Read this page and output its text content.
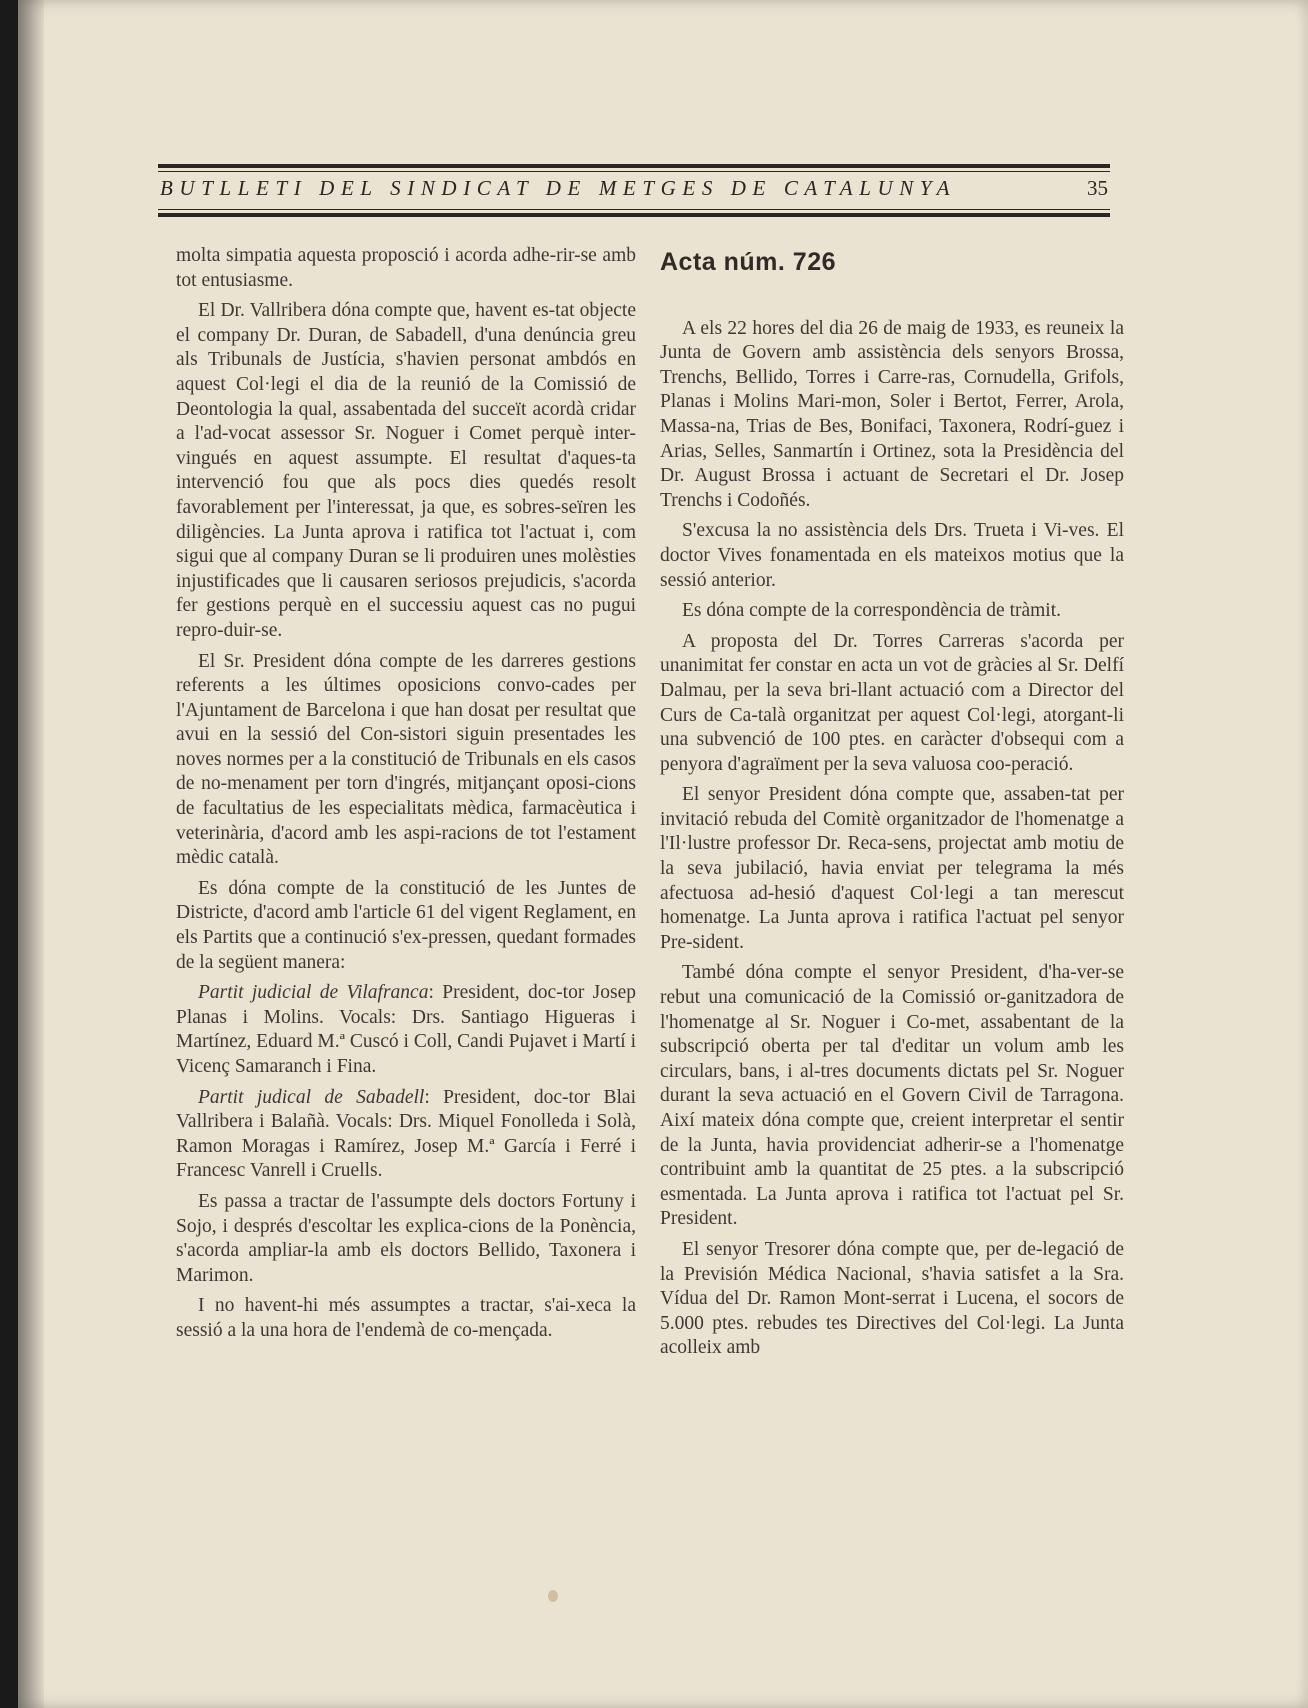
BUTLLETI DEL SINDICAT DE METGES DE CATALUNYA	35

molta simpatia aquesta proposció i acorda adhe-rir-se amb tot entusiasme.

El Dr. Vallribera dóna compte que, havent es-tat objecte el company Dr. Duran, de Sabadell, d'una denúncia greu als Tribunals de Justícia, s'havien personat ambdós en aquest Col·legi el dia de la reunió de la Comissió de Deontologia la qual, assabentada del succeït acordà cridar a l'ad-vocat assessor Sr. Noguer i Comet perquè inter-vingués en aquest assumpte. El resultat d'aques-ta intervenció fou que als pocs dies quedés resolt favorablement per l'interessat, ja que, es sobres-seïren les diligències. La Junta aprova i ratifica tot l'actuat i, com sigui que al company Duran se li produiren unes molèsties injustificades que li causaren seriosos prejudicis, s'acorda fer gestions perquè en el successiu aquest cas no pugui repro-duir-se.

El Sr. President dóna compte de les darreres gestions referents a les últimes oposicions convo-cades per l'Ajuntament de Barcelona i que han dosat per resultat que avui en la sessió del Con-sistori siguin presentades les noves normes per a la constitució de Tribunals en els casos de no-menament per torn d'ingrés, mitjançant oposi-cions de facultatius de les especialitats mèdica, farmacèutica i veterinària, d'acord amb les aspi-racions de tot l'estament mèdic català.

Es dóna compte de la constitució de les Juntes de Districte, d'acord amb l'article 61 del vigent Reglament, en els Partits que a continució s'ex-pressen, quedant formades de la següent manera:

Partit judicial de Vilafranca: President, doc-tor Josep Planas i Molins. Vocals: Drs. Santiago Higueras i Martínez, Eduard M.ª Cuscó i Coll, Candi Pujavet i Martí i Vicenç Samaranch i Fina.

Partit judical de Sabadell: President, doc-tor Blai Vallribera i Balañà. Vocals: Drs. Miquel Fonolleda i Solà, Ramon Moragas i Ramírez, Josep M.ª García i Ferré i Francesc Vanrell i Cruells.

Es passa a tractar de l'assumpte dels doctors Fortuny i Sojo, i després d'escoltar les explica-cions de la Ponència, s'acorda ampliar-la amb els doctors Bellido, Taxonera i Marimon.

I no havent-hi més assumptes a tractar, s'ai-xeca la sessió a la una hora de l'endemà de co-mençada.

Acta núm. 726

A els 22 hores del dia 26 de maig de 1933, es reuneix la Junta de Govern amb assistència dels senyors Brossa, Trenchs, Bellido, Torres i Carre-ras, Cornudella, Grifols, Planas i Molins Mari-mon, Soler i Bertot, Ferrer, Arola, Massa-na, Trias de Bes, Bonifaci, Taxonera, Rodrí-guez i Arias, Selles, Sanmartín i Ortinez, sota la Presidència del Dr. August Brossa i actuant de Secretari el Dr. Josep Trenchs i Codoñés.

S'excusa la no assistència dels Drs. Trueta i Vi-ves. El doctor Vives fonamentada en els mateixos motius que la sessió anterior.

Es dóna compte de la correspondència de tràmit.

A proposta del Dr. Torres Carreras s'acorda per unanimitat fer constar en acta un vot de gràcies al Sr. Delfí Dalmau, per la seva bri-llant actuació com a Director del Curs de Ca-talà organitzat per aquest Col·legi, atorgant-li una subvenció de 100 ptes. en caràcter d'obsequi com a penyora d'agraïment per la seva valuosa coo-peració.

El senyor President dóna compte que, assaben-tat per invitació rebuda del Comitè organitzador de l'homenatge a l'Il·lustre professor Dr. Reca-sens, projectat amb motiu de la seva jubilació, havia enviat per telegrama la més afectuosa ad-hesió d'aquest Col·legi a tan merescut homenatge. La Junta aprova i ratifica l'actuat pel senyor Pre-sident.

També dóna compte el senyor President, d'ha-ver-se rebut una comunicació de la Comissió or-ganitzadora de l'homenatge al Sr. Noguer i Co-met, assabentant de la subscripció oberta per tal d'editar un volum amb les circulars, bans, i al-tres documents dictats pel Sr. Noguer durant la seva actuació en el Govern Civil de Tarragona. Així mateix dóna compte que, creient interpretar el sentir de la Junta, havia providenciat adherir-se a l'homenatge contribuint amb la quantitat de 25 ptes. a la subscripció esmentada. La Junta aprova i ratifica tot l'actuat pel Sr. President.

El senyor Tresorer dóna compte que, per de-legació de la Previsión Médica Nacional, s'havia satisfet a la Sra. Vídua del Dr. Ramon Mont-serrat i Lucena, el socors de 5.000 ptes. rebudes tes Directives del Col·legi. La Junta acolleix amb
